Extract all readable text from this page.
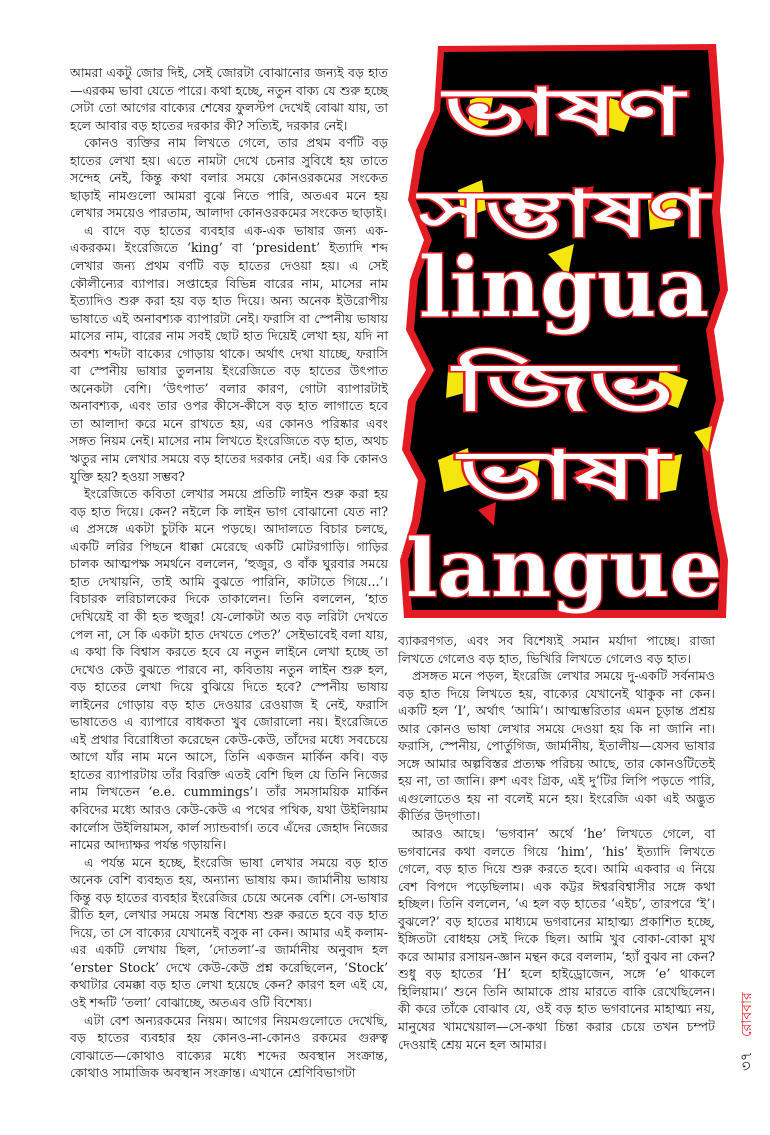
আমরা একটু জোর দিই, সেই জোরটা বোঝানোর জন্যই বড় হাত—এরকম ভাবা যেতে পারে। কথা হচ্ছে, নতুন বাক্য যে শুরু হচ্ছে সেটা তো আগের বাক্যের শেষের ফুলস্টপ দেখেই বোঝা যায়, তা হলে আবার বড় হাতের দরকার কী? সত্যিই, দরকার নেই।

কোনও ব্যক্তির নাম লিখতে গেলে, তার প্রথম বর্ণটি বড় হাতের লেখা হয়। এতে নামটা দেখে চেনার সুবিধে হয় তাতে সন্দেহ নেই, কিন্তু কথা বলার সময়ে কোনওরকমের সংকেত ছাড়াই নামগুলো আমরা বুঝে নিতে পারি, অতএব মনে হয় লেখার সময়েও পারতাম, আলাদা কোনওরকমের সংকেত ছাড়াই।

এ বাদে বড় হাতের ব্যবহার এক-এক ভাষার জন্য এক-একরকম। ইংরেজিতে ‘king’ বা ‘president’ ইত্যাদি শব্দ লেখার জন্য প্রথম বর্ণটি বড় হাতের দেওয়া হয়। এ সেই কৌলীন্যের ব্যাপার। সপ্তাহের বিভিন্ন বারের নাম, মাসের নাম ইত্যাদিও শুরু করা হয় বড় হাত দিয়ে। অন্য অনেক ইউরোপীয় ভাষাতে এই অনাবশ্যক ব্যাপারটা নেই। ফরাসি বা স্পেনীয় ভাষায় মাসের নাম, বারের নাম সবই ছোট হাত দিয়েই লেখা হয়, যদি না অবশ্য শব্দটা বাক্যের গোড়ায় থাকে। অর্থাৎ দেখা যাচ্ছে, ফরাসি বা স্পেনীয় ভাষার তুলনায় ইংরেজিতে বড় হাতের উৎপাত অনেকটা বেশি। ‘উৎপাত’ বলার কারণ, গোটা ব্যাপারটাই অনাবশ্যক, এবং তার ওপর কীসে-কীসে বড় হাত লাগাতে হবে তা আলাদা করে মনে রাখতে হয়, এর কোনও পরিষ্কার এবং সঙ্গত নিয়ম নেই। মাসের নাম লিখতে ইংরেজিতে বড় হাত, অথচ ঋতুর নাম লেখার সময়ে বড় হাতের দরকার নেই। এর কি কোনও যুক্তি হয়? হওয়া সম্ভব?

ইংরেজিতে কবিতা লেখার সময়ে প্রতিটি লাইন শুরু করা হয় বড় হাত দিয়ে। কেন? নইলে কি লাইন ভাগ বোঝানো যেত না? এ প্রসঙ্গে একটা চুটকি মনে পড়ছে। আদালতে বিচার চলছে, একটি লরির পিছনে ধাক্কা মেরেছে একটি মোটরগাড়ি। গাড়ির চালক আত্মপক্ষ সমর্থনে বললেন, ‘হুজুর, ও বাঁক ঘুরবার সময়ে হাত দেখায়নি, তাই আমি বুঝতে পারিনি, কাটাতে গিয়ে...’। বিচারক লরিচালকের দিকে তাকালেন। তিনি বললেন, ‘হাত দেখিয়েই বা কী হত হুজুর! যে-লোকটা অত বড় লরিটা দেখতে পেল না, সে কি একটা হাত দেখতে পেত?’ সেইভাবেই বলা যায়, এ কথা কি বিশ্বাস করতে হবে যে নতুন লাইনে লেখা হচ্ছে তা দেখেও কেউ বুঝতে পারবে না, কবিতায় নতুন লাইন শুরু হল, বড় হাতের লেখা দিয়ে বুঝিয়ে দিতে হবে? স্পেনীয় ভাষায় লাইনের গোড়ায় বড় হাত দেওয়ার রেওয়াজ ই নেই, ফরাসি ভাষাতেও এ ব্যাপারে বাধকতা খুব জোরালো নয়। ইংরেজিতে এই প্রথার বিরোধিতা করেছেন কেউ-কেউ, তাঁদের মধ্যে সবচেয়ে আগে যাঁর নাম মনে আসে, তিনি একজন মার্কিন কবি। বড় হাতের ব্যাপারটায় তাঁর বিরক্তি এতই বেশি ছিল যে তিনি নিজের নাম লিখতেন ‘e.e. cummings’। তাঁর সমসাময়িক মার্কিন কবিদের মধ্যে আরও কেউ-কেউ এ পথের পথিক, যথা উইলিয়াম কার্লোস উইলিয়ামস, কার্ল স্যান্ডবার্গ। তবে এঁদের জেহাদ নিজের নামের আদ্যাক্ষর পর্যন্ত গড়ায়নি।

এ পর্যন্ত মনে হচ্ছে, ইংরেজি ভাষা লেখার সময়ে বড় হাত অনেক বেশি ব্যবহৃত হয়, অন্যান্য ভাষায় কম। জার্মানীয় ভাষায় কিন্তু বড় হাতের ব্যবহার ইংরেজির চেয়ে অনেক বেশি। সে-ভাষার রীতি হল, লেখার সময়ে সমস্ত বিশেষ্য শুরু করতে হবে বড় হাত দিয়ে, তা সে বাক্যের যেখানেই বসুক না কেন। আমার এই কলাম-এর একটি লেখায় ছিল, ‘দোতলা’-র জার্মানীয় অনুবাদ হল ‘erster Stock’ দেখে কেউ-কেউ প্রশ্ন করেছিলেন, ‘Stock’ কথাটার বেমক্কা বড় হাত লেখা হয়েছে কেন? কারণ হল এই যে, ওই শব্দটি ‘তলা’ বোঝাচ্ছে, অতএব ওটি বিশেষ্য।

এটা বেশ অন্যরকমের নিয়ম। আগের নিয়মগুলোতে দেখেছি, বড় হাতের ব্যবহার হয় কোনও-না-কোনও রকমের গুরুত্ব বোঝাতে—কোথাও বাক্যের মধ্যে শব্দের অবস্থান সংক্রান্ত, কোথাও সামাজিক অবস্থান সংক্রান্ত। এখানে শ্রেণিবিভাগটা

ভাষণ
সম্ভাষণ
lingua
জিভ
ভাষা
langue

ব্যাকরণগত, এবং সব বিশেষ্যই সমান মর্যাদা পাচ্ছে। রাজা লিখতে গেলেও বড় হাত, ভিখিরি লিখতে গেলেও বড় হাত।

প্রসঙ্গত মনে পড়ল, ইংরেজি লেখার সময়ে দু-একটি সর্বনামও বড় হাত দিয়ে লিখতে হয়, বাক্যের যেখানেই থাকুক না কেন। একটি হল ‘I’, অর্থাৎ ‘আমি’। আত্মম্ভরিতার এমন চূড়ান্ত প্রশ্রয় আর কোনও ভাষা লেখার সময়ে দেওয়া হয় কি না জানি না। ফরাসি, স্পেনীয়, পোর্তুগিজ, জার্মানীয়, ইতালীয়—যেসব ভাষার সঙ্গে আমার অল্পবিস্তর প্রত্যক্ষ পরিচয় আছে, তার কোনওটিতেই হয় না, তা জানি। রুশ এবং গ্রিক, এই দু’টির লিপি পড়তে পারি, এগুলোতেও হয় না বলেই মনে হয়। ইংরেজি একা এই অদ্ভুত কীর্তির উদ্‌গাতা।

আরও আছে। ‘ভগবান’ অর্থে ‘he’ লিখতে গেলে, বা ভগবানের কথা বলতে গিয়ে ‘him’, ‘his’ ইত্যাদি লিখতে গেলে, বড় হাত দিয়ে শুরু করতে হবে। আমি একবার এ নিয়ে বেশ বিপদে পড়েছিলাম। এক কট্টর ঈশ্বরবিশ্বাসীর সঙ্গে কথা হচ্ছিল। তিনি বললেন, ‘এ হল বড় হাতের ‘এইচ’, তারপরে ‘ই’। বুঝলে?’ বড় হাতের মাধ্যমে ভগবানের মাহাত্ম্য প্রকাশিত হচ্ছে, ইঙ্গিতটা বোধহয় সেই দিকে ছিল। আমি খুব বোকা-বোকা মুখ করে আমার রসায়ন-জ্ঞান মন্থন করে বললাম, ‘হ্যাঁ বুঝব না কেন? শুধু বড় হাতের ‘H’ হলে হাইড্রোজেন, সঙ্গে ‘e’ থাকলে হিলিয়াম।’ শুনে তিনি আমাকে প্রায় মারতে বাকি রেখেছিলেন। কী করে তাঁকে বোঝাব যে, ওই বড় হাত ভগবানের মাহাত্ম্য নয়, মানুষের খামখেয়াল—সে-কথা চিন্তা করার চেয়ে তখন চম্পট দেওয়াই শ্রেয় মনে হল আমার।

৩৭
রোববার
